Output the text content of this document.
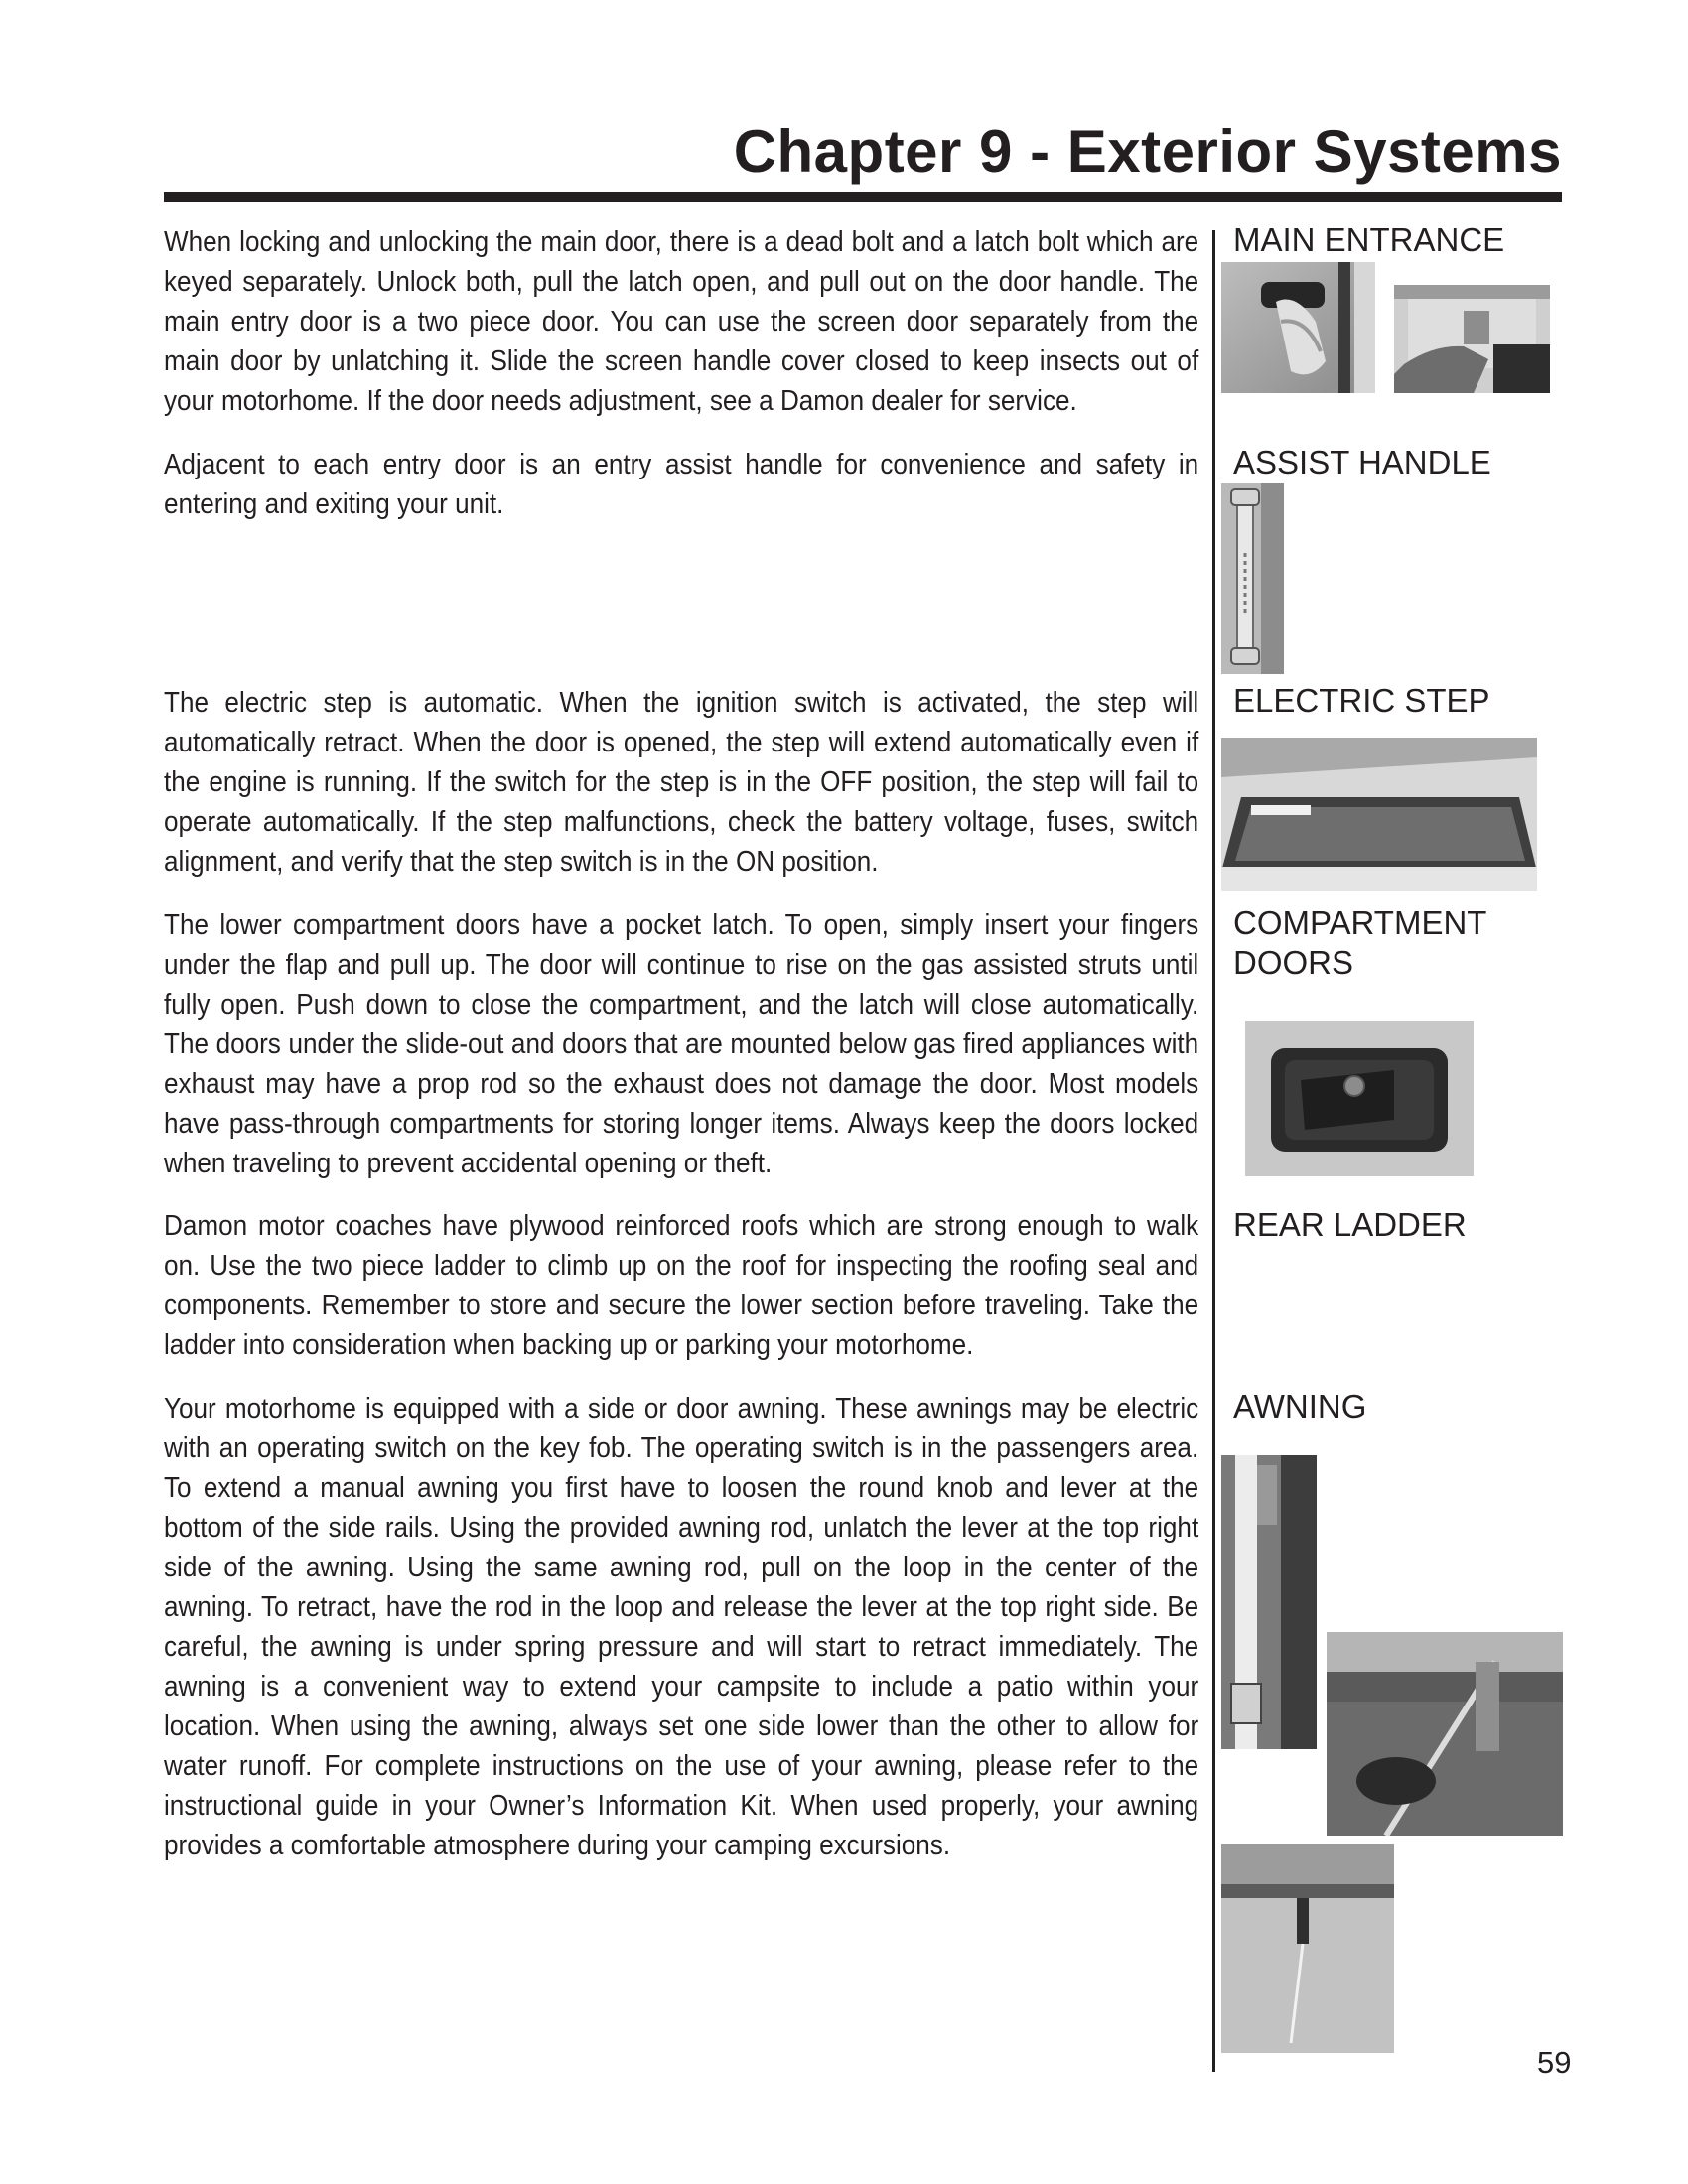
Chapter 9 - Exterior Systems

When locking and unlocking the main door, there is a dead bolt and a latch bolt which are keyed separately. Unlock both, pull the latch open, and pull out on the door handle. The main entry door is a two piece door. You can use the screen door separately from the main door by unlatching it. Slide the screen handle cover closed to keep insects out of your motorhome. If the door needs adjustment, see a Damon dealer for service.

Adjacent to each entry door is an entry assist handle for convenience and safety in entering and exiting your unit.

The electric step is automatic. When the ignition switch is activated, the step will automatically retract. When the door is opened, the step will extend automatically even if the engine is running. If the switch for the step is in the OFF position, the step will fail to operate automatically. If the step malfunctions, check the battery voltage, fuses, switch alignment, and verify that the step switch is in the ON position.

The lower compartment doors have a pocket latch. To open, simply insert your fingers under the flap and pull up. The door will continue to rise on the gas assisted struts until fully open. Push down to close the compartment, and the latch will close automatically. The doors under the slide-out and doors that are mounted below gas fired appliances with exhaust may have a prop rod so the exhaust does not damage the door. Most models have pass-through compartments for storing longer items. Always keep the doors locked when traveling to prevent accidental opening or theft.

Damon motor coaches have plywood reinforced roofs which are strong enough to walk on. Use the two piece ladder to climb up on the roof for inspecting the roofing seal and components. Remember to store and secure the lower section before traveling. Take the ladder into consideration when backing up or parking your motorhome.

Your motorhome is equipped with a side or door awning. These awnings may be electric with an operating switch on the key fob. The operating switch is in the passengers area. To extend a manual awning you first have to loosen the round knob and lever at the bottom of the side rails. Using the provided awning rod, unlatch the lever at the top right side of the awning. Using the same awning rod, pull on the loop in the center of the awning. To retract, have the rod in the loop and release the lever at the top right side. Be careful, the awning is under spring pressure and will start to retract immediately. The awning is a convenient way to extend your campsite to include a patio within your location. When using the awning, always set one side lower than the other to allow for water runoff. For complete instructions on the use of your awning, please refer to the instructional guide in your Owner’s Information Kit. When used properly, your awning provides a comfortable atmosphere during your camping excursions.

MAIN ENTRANCE
ASSIST HANDLE
ELECTRIC STEP
COMPARTMENT
DOORS
REAR LADDER
AWNING
59
